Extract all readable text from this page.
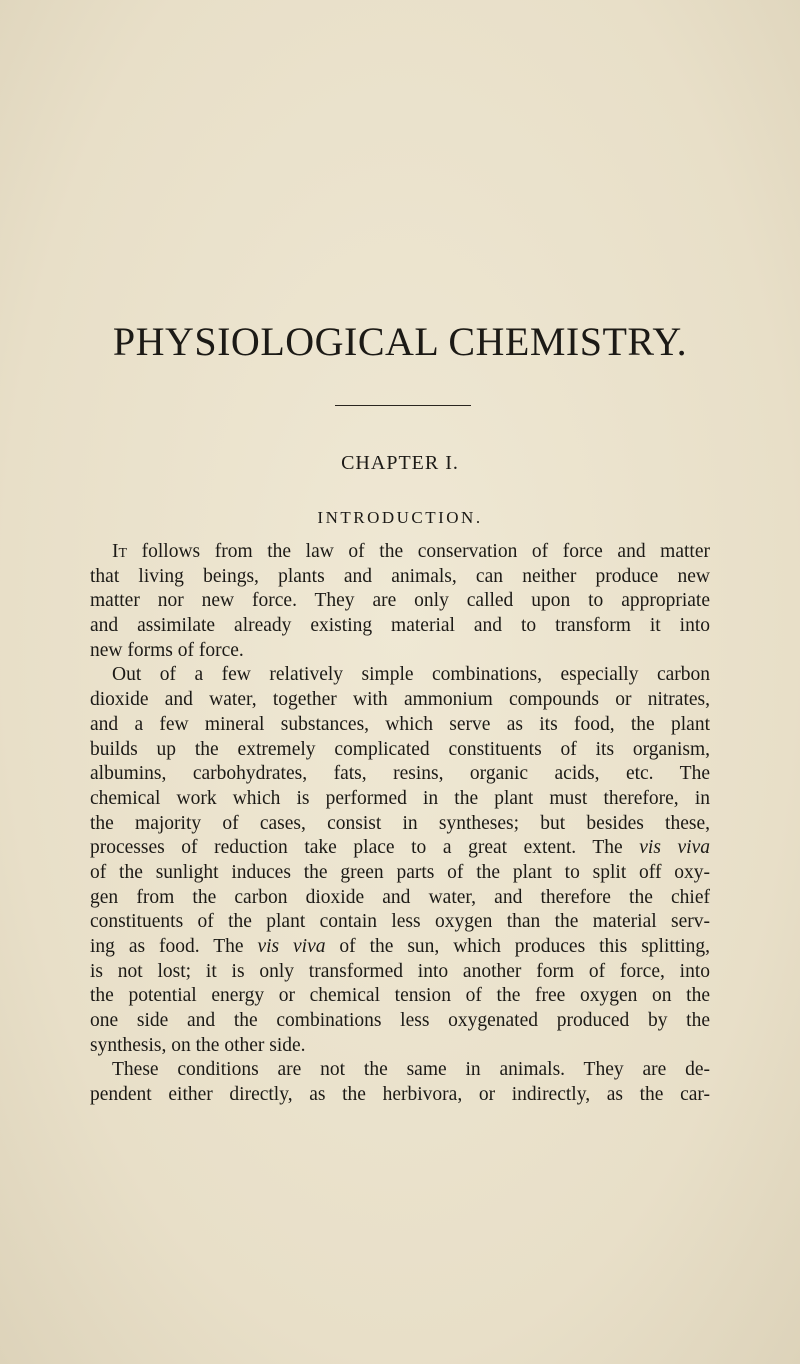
PHYSIOLOGICAL CHEMISTRY.
CHAPTER I.
INTRODUCTION.
It follows from the law of the conservation of force and matter
that living beings, plants and animals, can neither produce new
matter nor new force. They are only called upon to appropriate
and assimilate already existing material and to transform it into
new forms of force.
Out of a few relatively simple combinations, especially carbon
dioxide and water, together with ammonium compounds or nitrates,
and a few mineral substances, which serve as its food, the plant
builds up the extremely complicated constituents of its organism,
albumins, carbohydrates, fats, resins, organic acids, etc. The
chemical work which is performed in the plant must therefore, in
the majority of cases, consist in syntheses; but besides these,
processes of reduction take place to a great extent. The vis viva
of the sunlight induces the green parts of the plant to split off oxy-
gen from the carbon dioxide and water, and therefore the chief
constituents of the plant contain less oxygen than the material serv-
ing as food. The vis viva of the sun, which produces this splitting,
is not lost; it is only transformed into another form of force, into
the potential energy or chemical tension of the free oxygen on the
one side and the combinations less oxygenated produced by the
synthesis, on the other side.
These conditions are not the same in animals. They are de-
pendent either directly, as the herbivora, or indirectly, as the car-
